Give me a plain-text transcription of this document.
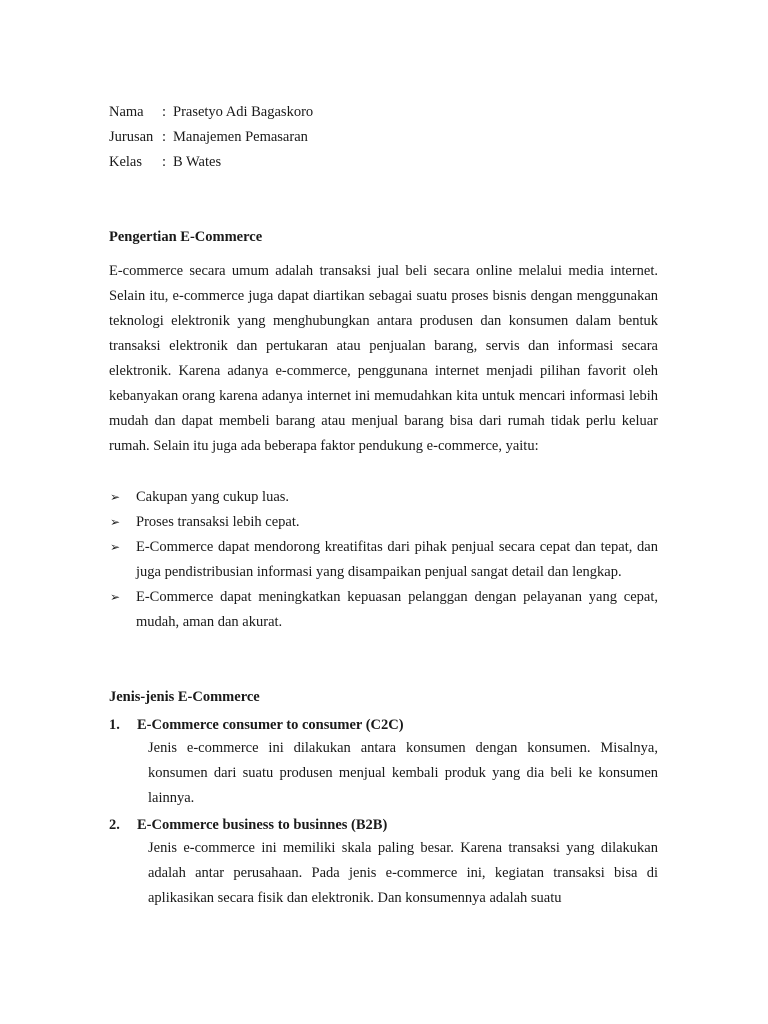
Nama	: Prasetyo Adi Bagaskoro
Jurusan : Manajemen Pemasaran
Kelas	: B Wates
Pengertian E-Commerce

E-commerce secara umum adalah transaksi jual beli secara online melalui media internet. Selain itu, e-commerce juga dapat diartikan sebagai suatu proses bisnis dengan menggunakan teknologi elektronik yang menghubungkan antara produsen dan konsumen dalam bentuk transaksi elektronik dan pertukaran atau penjualan barang, servis dan informasi secara elektronik. Karena adanya e-commerce, penggunana internet menjadi pilihan favorit oleh kebanyakan orang karena adanya internet ini memudahkan kita untuk mencari informasi lebih mudah dan dapat membeli barang atau menjual barang bisa dari rumah tidak perlu keluar rumah. Selain itu juga ada beberapa faktor pendukung e-commerce, yaitu:

➢ Cakupan yang cukup luas.
➢ Proses transaksi lebih cepat.
➢ E-Commerce dapat mendorong kreatifitas dari pihak penjual secara cepat dan tepat, dan juga pendistribusian informasi yang disampaikan penjual sangat detail dan lengkap.
➢ E-Commerce dapat meningkatkan kepuasan pelanggan dengan pelayanan yang cepat, mudah, aman dan akurat.
Jenis-jenis E-Commerce
1.	E-Commerce consumer to consumer (C2C)

Jenis e-commerce ini dilakukan antara konsumen dengan konsumen. Misalnya, konsumen dari suatu produsen menjual kembali produk yang dia beli ke konsumen lainnya.

2.	E-Commerce business to businnes (B2B)

Jenis e-commerce ini memiliki skala paling besar. Karena transaksi yang dilakukan adalah antar perusahaan. Pada jenis e-commerce ini, kegiatan transaksi bisa di aplikasikan secara fisik dan elektronik. Dan konsumennya adalah suatu
